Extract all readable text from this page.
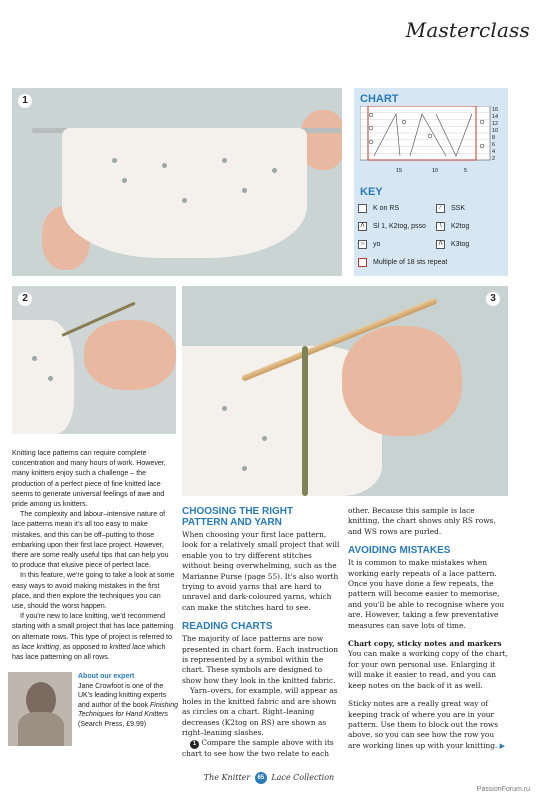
Masterclass
1	CHART
16
14
12
10
8
6
4
2
15	10	5
KEY
K on RS	∕	SSK
Λ	Sl 1, K2tog, psso	∖	K2tog
○	yo	Λ	K3tog
Multiple of 18 sts repeat
2	3

Knitting lace patterns can require complete concentration and many hours of work. However, many knitters enjoy such a challenge – the production of a perfect piece of fine knitted lace seems to generate universal feelings of awe and pride among us knitters.

The complexity and labour–intensive nature of lace patterns mean it's all too easy to make mistakes, and this can be off–putting to those embarking upon their first lace project. However, there are some really useful tips that can help you to produce that elusive piece of perfect lace.

In this feature, we're going to take a look at some easy ways to avoid making mistakes in the first place, and then explore the techniques you can use, should the worst happen.

If you're new to lace knitting, we'd recommend starting with a small project that has lace patterning on alternate rows. This type of project is referred to as lace knitting, as opposed to knitted lace which has lace patterning on all rows.

About our expert

Jane Crowfoot is one of the UK's leading knitting experts and author of the book Finishing Techniques for Hand Knitters (Search Press, £9.99)

CHOOSING THE RIGHT PATTERN AND YARN

When choosing your first lace pattern, look for a relatively small project that will enable you to try different stitches without being overwhelming, such as the Marianne Purse (page 55). It's also worth trying to avoid yarns that are hard to unravel and dark-coloured yarns, which can make the stitches hard to see.

READING CHARTS

The majority of lace patterns are now presented in chart form. Each instruction is represented by a symbol within the chart. These symbols are designed to show how they look in the knitted fabric.

Yarn–overs, for example, will appear as holes in the knitted fabric and are shown as circles on a chart. Right–leaning decreases (K2tog on RS) are shown as right–leaning slashes.

1 Compare the sample above with its chart to see how the two relate to each

other. Because this sample is lace knitting, the chart shows only RS rows, and WS rows are purled.

AVOIDING MISTAKES

It is common to make mistakes when working early repeats of a lace pattern. Once you have done a few repeats, the pattern will become easier to memorise, and you'll be able to recognise where you are. However, taking a few preventative measures can save lots of time.

Chart copy, sticky notes and markers

You can make a working copy of the chart, for your own personal use. Enlarging it will make it easier to read, and you can keep notes on the back of it as well.

Sticky notes are a really great way of keeping track of where you are in your pattern. Use them to block out the rows above, so you can see how the row you are working lines up with your knitting. ▶

The Knitter 65 Lace Collection
PassionForum.ru
